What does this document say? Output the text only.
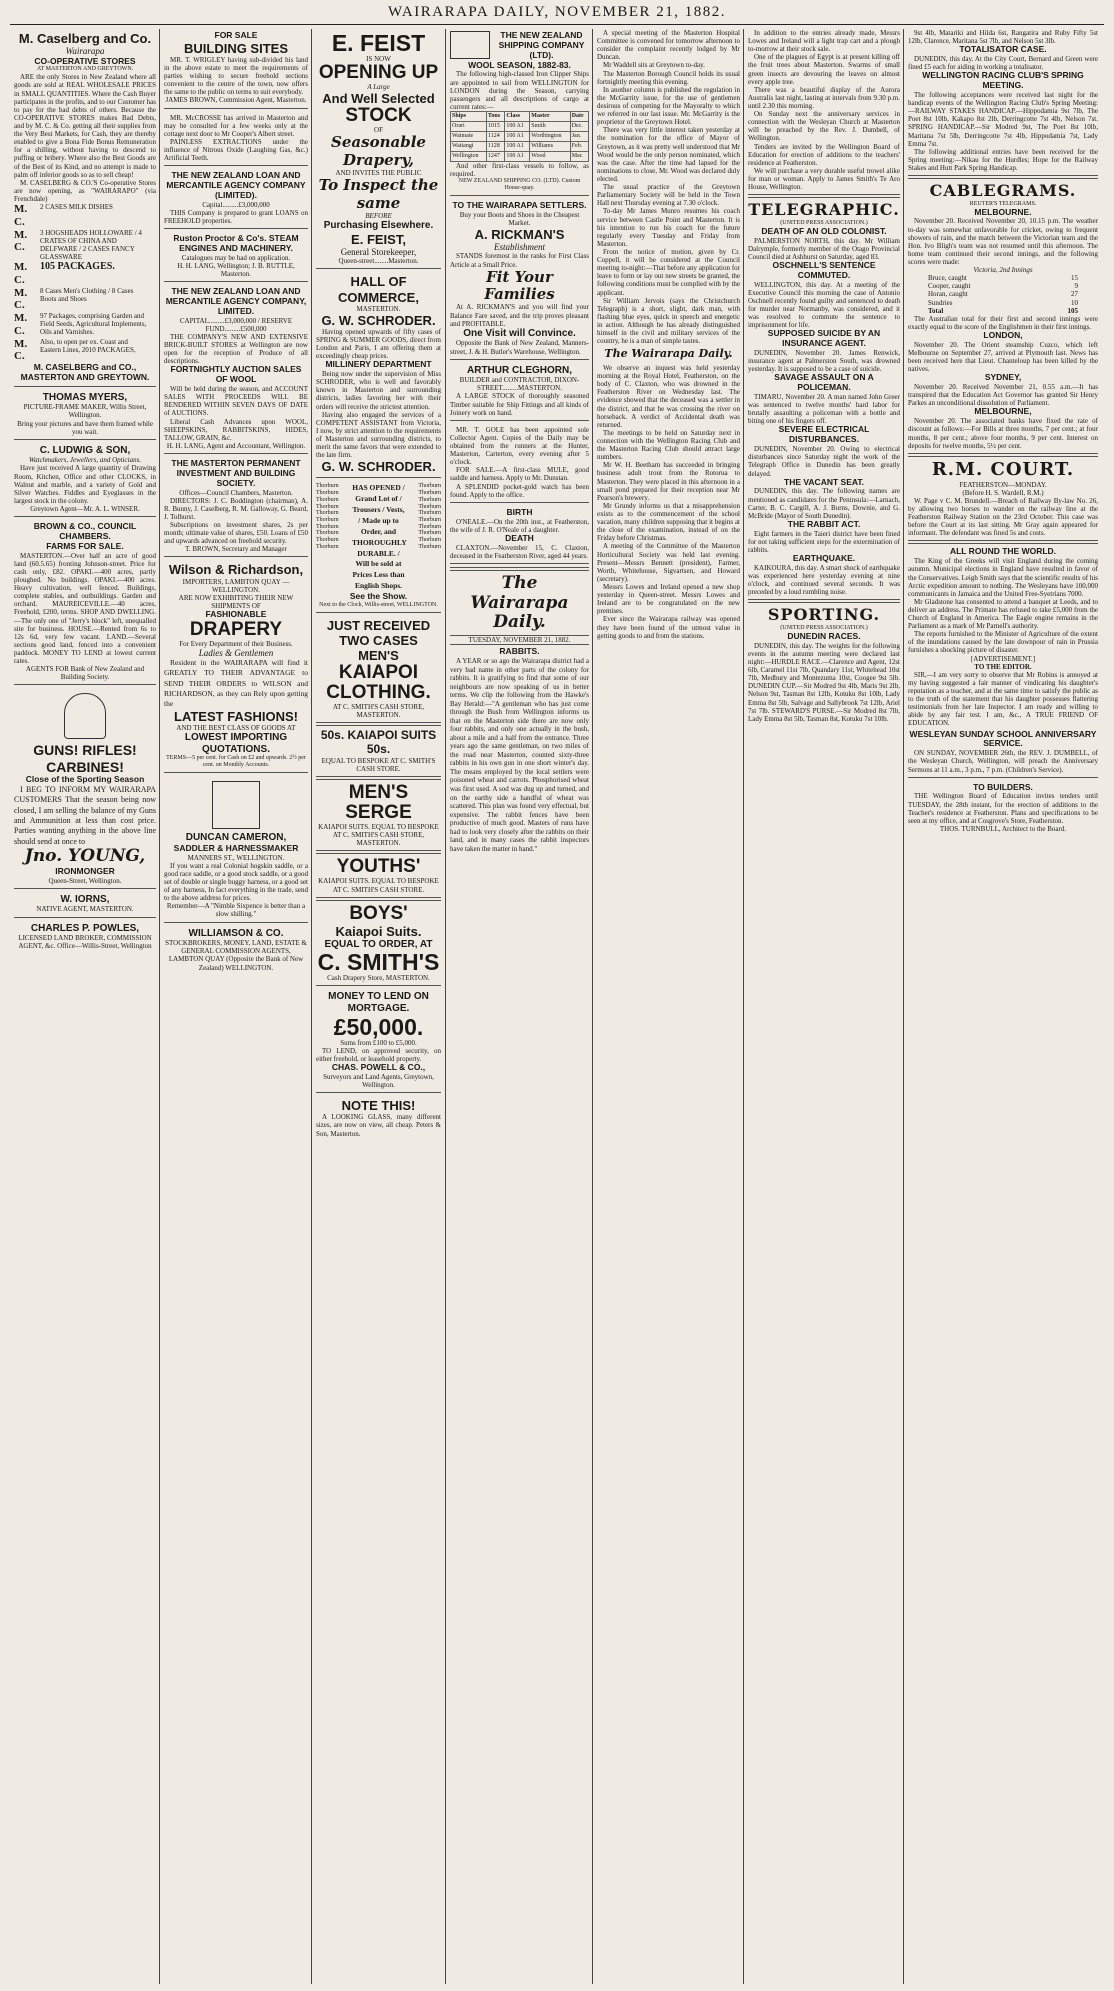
WAIRARAPA DAILY, NOVEMBER 21, 1882.
M. Caselberg and Co.
Wairarapa
CO-OPERATIVE STORES
AT MASTERTON AND GREYTOWN.

ARE the only Stores in New Zealand where all goods are sold at REAL WHOLESALE PRICES in SMALL QUANTITIES. Where the Cash Buyer participates in the profits, and to our Customer has to pay for the bad debts of others. Because the CO-OPERATIVE STORES makes Bad Debts, and by M. C. & Co. getting all their supplies from the Very Best Markets, for Cash, they are thereby enabled to give a Bona Fide Bonus Remuneration for a shilling, without having to descend to puffing or bribery. Where also the Best Goods are of the Best of its Kind, and no attempt is made to palm off inferior goods so as to sell cheap!

M. CASELBERG & CO.'S Co-operative Stores are now opening, as "WAIRARAPO" (via Frenchdale)

M. C.2 CASES MILK DISHES
M. C.3 HOGSHEADS HOLLOWARE / 4 CRATES OF CHINA AND DELFWARE / 2 CASES FANCY GLASSWARE
M. C.105 PACKAGES.
M. C.8 Cases Men's Clothing / 8 Cases Boots and Shoes
M. C.97 Packages, comprising Garden and Field Seeds, Agricultural Implements, Oils and Varnishes.
M. C.Also, to open per ex. Coast and Eastern Lines, 2010 PACKAGES,
M. CASELBERG and CO., MASTERTON AND GREYTOWN.
THOMAS MYERS,
PICTURE-FRAME MAKER, Willis Street, Wellington.
Bring your pictures and have them framed while you wait.
C. LUDWIG & SON,
Watchmakers, Jewellers, and Opticians.

Have just received A large quantity of Drawing Room, Kitchen, Office and other CLOCKS, in Walnut and marble, and a variety of Gold and Silver Watches. Fiddles and Eyeglasses in the largest stock in the colony.

Greytown Agent—Mr. A. L. WINSER.
BROWN & CO., COUNCIL CHAMBERS.
FARMS FOR SALE.

MASTERTON.—Over half an acre of good land (60.5.65) fronting Johnson-street. Price for cash only, £82. OPAKI.—400 acres, partly ploughed. No buildings. OPAKI.—400 acres. Heavy cultivation, well fenced. Buildings, complete stables, and outbuildings. Garden and orchard. MAUREICEVILLE.—40 acres, Freehold, £200, terms. SHOP AND DWELLING.—The only one of "Jerry's block" left, unequalled site for business. HOUSE.—Rented from 6s to 12s 6d, very few vacant. LAND.—Several sections good land, fenced into a convenient paddock. MONEY TO LEND at lowest current rates.

AGENTS FOR Bank of New Zealand and Building Society.
GUNS! RIFLES! CARBINES!
Close of the Sporting Season

I BEG TO INFORM MY WAIRARAPA CUSTOMERS That the season being now closed, I am selling the balance of my Guns and Ammunition at less than cost price. Parties wanting anything in the above line should send at once to

Jno. YOUNG,
IRONMONGER
Queen-Street, Wellington.
W. IORNS,
NATIVE AGENT, MASTERTON.
CHARLES P. POWLES,
LICENSED LAND BROKER, COMMISSION AGENT, &c. Office—Willis-Street, Wellington
FOR SALE
BUILDING SITES

MR. T. WRIGLEY having sub-divided his land in the above estate to meet the requirements of parties wishing to secure freehold sections convenient to the centre of the town, now offers the same to the public on terms to suit everybody.

JAMES BROWN, Commission Agent, Masterton.

MR. McCROSSE has arrived in Masterton and may be consulted for a few weeks only at the cottage next door to Mr Cooper's Albert street.

PAINLESS EXTRACTIONS under the influence of Nitrous Oxide (Laughing Gas, &c.) Artificial Teeth.

THE NEW ZEALAND LOAN AND MERCANTILE AGENCY COMPANY (LIMITED).
Capital.........£3,000,000

THIS Company is prepared to grant LOANS on FREEHOLD properties.

Ruston Proctor & Co's. STEAM ENGINES AND MACHINERY.
Catalogues may be had on application.
H. H. LANG, Wellington; J. B. RUTTLE, Masterton.
THE NEW ZEALAND LOAN AND MERCANTILE AGENCY COMPANY, LIMITED.
CAPITAL.........£3,000,000 / RESERVE FUND.........£500,000

THE COMPANY'S NEW AND EXTENSIVE BRICK-BUILT STORES at Wellington are now open for the reception of Produce of all descriptions.

FORTNIGHTLY AUCTION SALES OF WOOL

Will be held during the season, and ACCOUNT SALES WITH PROCEEDS WILL BE RENDERED WITHIN SEVEN DAYS OF DATE of AUCTIONS.

Liberal Cash Advances upon WOOL, SHEEPSKINS, RABBITSKINS, HIDES, TALLOW, GRAIN, &c.

H. H. LANG, Agent and Accountant, Wellington.
THE MASTERTON PERMANENT INVESTMENT AND BUILDING SOCIETY.
Offices—Council Chambers, Masterton.

DIRECTORS: J. C. Boddington (chairman), A. R. Bunny, J. Caselberg, R. M. Galloway, G. Beard, J. Tolhurst.

Subscriptions on investment shares, 2s per month; ultimate value of shares, £50. Loans of £50 and upwards advanced on freehold security.

T. BROWN, Secretary and Manager
Wilson & Richardson,
IMPORTERS, LAMBTON QUAY — WELLINGTON.
ARE NOW EXHIBITING THEIR NEW SHIPMENTS OF
FASHIONABLE
DRAPERY
For Every Department of their Business.
Ladies & Gentlemen

Resident in the WAIRARAPA will find it GREATLY TO THEIR ADVANTAGE to SEND THEIR ORDERS to WILSON and RICHARDSON, as they can Rely upon getting the

LATEST FASHIONS!
AND THE BEST CLASS OF GOODS AT
LOWEST IMPORTING QUOTATIONS.
TERMS—5 per cent. for Cash on £2 and upwards. 2½ per cent. on Monthly Accounts.
DUNCAN CAMERON,
SADDLER & HARNESSMAKER
MANNERS ST., WELLINGTON.

If you want a real Colonial hogskin saddle, or a good race saddle, or a good stock saddle, or a good set of double or single buggy harness, or a good set of any harness, In fact everything in the trade, send to the above address for prices.

Remember—A "Nimble Sixpence is better than a slow shilling."
WILLIAMSON & CO.
STOCKBROKERS, MONEY, LAND, ESTATE & GENERAL COMMISSION AGENTS, LAMBTON QUAY (Opposite the Bank of New Zealand) WELLINGTON.
E. FEIST
IS NOW
OPENING UP
A Large
And Well Selected
STOCK
OF
Seasonable Drapery,
AND INVITES THE PUBLIC
To Inspect the same
BEFORE
Purchasing Elsewhere.
E. FEIST,
General Storekeeper,
Queen-street........Masterton.
HALL OF COMMERCE,
MASTERTON.
G. W. SCHRODER.

Having opened upwards of fifty cases of SPRING & SUMMER GOODS, direct from London and Paris, I am offering them at exceedingly cheap prices.

MILLINERY DEPARTMENT

Being now under the supervision of Miss SCHRODER, who is well and favorably known in Masterton and surrounding districts, ladies favoring her with their orders will receive the strictest attention.

Having also engaged the services of a COMPETENT ASSISTANT from Victoria, I now, by strict attention to the requirements of Masterton and surrounding districts, to merit the same favors that were extended to the late firm.

G. W. SCHRODER.
Thorburn
Thorburn
Thorburn
Thorburn
Thorburn
Thorburn
Thorburn
Thorburn
Thorburn
Thorburn
Thorburn
Thorburn
Thorburn
Thorburn
Thorburn
Thorburn
Thorburn
Thorburn
Thorburn
Thorburn
HAS OPENED / Grand Lot of / Trousers / Vests, / Made up to Order, and THOROUGHLY DURABLE. / Will be sold at Prices Less than English Shops.
See the Show.
Next to the Clock, Willis-street, WELLINGTON.
JUST RECEIVED
TWO CASES
MEN'S
KAIAPOI CLOTHING.
AT C. SMITH'S CASH STORE, MASTERTON.
50s. KAIAPOI SUITS 50s.
EQUAL TO BESPOKE AT C. SMITH'S CASH STORE.
MEN'S SERGE
KAIAPOI SUITS. EQUAL TO BESPOKE AT C. SMITH'S CASH STORE, MASTERTON.
YOUTHS'
KAIAPOI SUITS. EQUAL TO BESPOKE AT C. SMITH'S CASH STORE.
BOYS'
Kaiapoi Suits.
EQUAL TO ORDER, AT
C. SMITH'S
Cash Drapery Store, MASTERTON.
MONEY TO LEND ON MORTGAGE.
£50,000.
Sums from £100 to £5,000.

TO LEND, on approved security, on either freehold, or leasehold property.

CHAS. POWELL & CO.,
Surveyors and Land Agents, Greytown, Wellington.
NOTE THIS!

A LOOKING GLASS, many different sizes, are now on view, all cheap. Peters & Son, Masterton.

THE NEW ZEALAND SHIPPING COMPANY (LTD).
WOOL SEASON, 1882-83.

The following high-classed Iron Clipper Ships are appointed to sail from WELLINGTON for LONDON during the Season, carrying passengers and all descriptions of cargo at current rates:—

Ships	Tons	Class	Master	Date
Orari	1015	100 A1	Smith	Dec.
Waimate	1124	100 A1	Worthington	Jan.
Waitangi	1128	100 A1	Williams	Feb.
Wellington	1247	100 A1	Wood	Mar.

And other first-class vessels to follow, as required.

NEW ZEALAND SHIPPING CO. (LTD). Custom House-quay.
TO THE WAIRARAPA SETTLERS.
Buy your Boots and Shoes in the Cheapest Market.
A. RICKMAN'S
Establishment

STANDS foremost in the ranks for First Class Article at a Small Price.

Fit Your Families

At A. RICKMAN'S and you will find your Balance Fare saved, and the trip proves pleasant and PROFITABLE.

One Visit will Convince.

Opposite the Bank of New Zealand, Manners-street, J. & H. Butler's Warehouse, Wellington.

ARTHUR CLEGHORN,
BUILDER and CONTRACTOR, DIXON-STREET.........MASTERTON.

A LARGE STOCK of thoroughly seasoned Timber suitable for Ship Fittings and all kinds of Joinery work on hand.

MR. T. GOLE has been appointed sole Collector Agent. Copies of the Daily may be obtained from the runners at the Hunter, Masterton, Carterton, every evening after 5 o'clock.

FOR SALE.—A first-class MULE, good saddle and harness. Apply to Mr. Dunstan.

A SPLENDID pocket-gold watch has been found. Apply to the office.

BIRTH

O'NEALE.—On the 20th inst., at Featherston, the wife of J. R. O'Neale of a daughter.

DEATH

CLAXTON.—November 15, C. Claxton, deceased in the Featherston River, aged 44 years.

The Wairarapa Daily.
TUESDAY, NOVEMBER 21, 1882.
RABBITS.

A YEAR or so ago the Wairarapa district had a very bad name in other parts of the colony for rabbits. It is gratifying to find that some of our neighbours are now speaking of us in better terms. We clip the following from the Hawke's Bay Herald:—"A gentleman who has just come through the Bush from Wellington informs us that on the Masterton side there are now only four rabbits, and only one actually in the bush, about a mile and a half from the entrance. Three years ago the same gentleman, on two miles of the road near Masterton, counted sixty-three rabbits in his own gun in one short winter's day. The means employed by the local settlers were poisoned wheat and carrots. Phosphorised wheat was first used. A sod was dug up and turned, and on the earthy side a handful of wheat was scattered. This plan was found very effectual, but expensive. The rabbit fences have been productive of much good. Masters of runs have had to look very closely after the rabbits on their land, and in many cases the rabbit inspectors have taken the matter in hand."

A special meeting of the Masterton Hospital Committee is convened for tomorrow afternoon to consider the complaint recently lodged by Mr Duncan.

Mr Waddell sits at Greytown to-day.

The Masterton Borough Council holds its usual fortnightly meeting this evening.

In another column is published the regulation in the McGarrity issue, for the use of gentlemen desirous of competing for the Mayoralty to which we referred in our last issue. Mr. McGarrity is the proprietor of the Greytown Hotel.

There was very little interest taken yesterday at the nomination for the office of Mayor of Greytown, as it was pretty well understood that Mr Wood would be the only person nominated, which was the case. After the time had lapsed for the nominations to close, Mr. Wood was declared duly elected.

The usual practice of the Greytown Parliamentary Society will be held in the Town Hall next Thursday evening at 7.30 o'clock.

To-day Mr James Munro resumes his coach service between Castle Point and Masterton. It is his intention to run his coach for the future regularly every Tuesday and Friday from Masterton.

From the notice of motion, given by Cr. Coppell, it will be considered at the Council meeting to-night:—That before any application for leave to form or lay out new streets be granted, the following conditions must be complied with by the applicant.

Sir William Jervois (says the Christchurch Telegraph) is a short, slight, dark man, with flashing blue eyes, quick in speech and energetic in action. Although he has already distinguished himself in the civil and military services of the country, he is a man of simple tastes.

The Wairarapa Daily.

We observe an inquest was held yesterday morning at the Royal Hotel, Featherston, on the body of C. Claxton, who was drowned in the Featherston River on Wednesday last. The evidence showed that the deceased was a settler in the district, and that he was crossing the river on horseback. A verdict of Accidental death was returned.

The meetings to be held on Saturday next in connection with the Wellington Racing Club and the Masterton Racing Club should attract large numbers.

Mr W. H. Beetham has succeeded in bringing business adult trout from the Rotorua to Masterton. They were placed in this afternoon in a small pond prepared for their reception near Mr Pearson's brewery.

Mr Grundy informs us that a misapprehension exists as to the commencement of the school vacation, many children supposing that it begins at the close of the examination, instead of on the Friday before Christmas.

A meeting of the Committee of the Masterton Horticultural Society was held last evening. Present—Messrs Bennett (president), Farmer, Worth, Whitehouse, Sigvartsen, and Howard (secretary).

Messrs Lowes and Ireland opened a new shop yesterday in Queen-street. Messrs Lowes and Ireland are to be congratulated on the new premises.

Ever since the Wairarapa railway was opened they have been found of the utmost value in getting goods to and from the stations.

In addition to the entries already made, Messrs Lowes and Ireland will a light trap cart and a plough to-morrow at their stock sale.

One of the plagues of Egypt is at present killing off the fruit trees about Masterton. Swarms of small green insects are devouring the leaves on almost every apple tree.

There was a beautiful display of the Aurora Australis last night, lasting at intervals from 9.30 p.m. until 2.30 this morning.

On Sunday next the anniversary services in connection with the Wesleyan Church at Masterton will be preached by the Rev. J. Dumbell, of Wellington.

Tenders are invited by the Wellington Board of Education for erection of additions to the teachers' residence at Featherston.

We will purchase a very durable useful trowel alike for man or woman. Apply to James Smith's Te Aro House, Wellington.

TELEGRAPHIC.
(UNITED PRESS ASSOCIATION.)
DEATH OF AN OLD COLONIST.

PALMERSTON NORTH, this day. Mr William Dalrymple, formerly member of the Otago Provincial Council died at Ashhurst on Saturday, aged 83.

OSCHNELL'S SENTENCE COMMUTED.

WELLINGTON, this day. At a meeting of the Executive Council this morning the case of Antonio Oschnell recently found guilty and sentenced to death for murder near Normanby, was considered, and it was resolved to commute the sentence to imprisonment for life.

SUPPOSED SUICIDE BY AN INSURANCE AGENT.

DUNEDIN, November 20. James Renwick, insurance agent at Palmerston South, was drowned yesterday. It is supposed to be a case of suicide.

SAVAGE ASSAULT ON A POLICEMAN.

TIMARU, November 20. A man named John Greer was sentenced to twelve months' hard labor for brutally assaulting a policeman with a bottle and biting one of his fingers off.

SEVERE ELECTRICAL DISTURBANCES.

DUNEDIN, November 20. Owing to electrical disturbances since Saturday night the work of the Telegraph Office in Dunedin has been greatly delayed.

THE VACANT SEAT.

DUNEDIN, this day. The following names are mentioned as candidates for the Peninsula:—Larnach, Carter, B. C. Cargill, A. J. Burns, Downie, and G. McBride (Mayor of South Dunedin).

THE RABBIT ACT.

Eight farmers in the Taieri district have been fined for not taking sufficient steps for the extermination of rabbits.

EARTHQUAKE.

KAIKOURA, this day. A smart shock of earthquake was experienced here yesterday evening at nine o'clock, and continued several seconds. It was preceded by a loud rumbling noise.

SPORTING.
(UNITED PRESS ASSOCIATION.)
DUNEDIN RACES.

DUNEDIN, this day. The weights for the following events in the autumn meeting were declared last night:—HURDLE RACE.—Clarence and Agent, 12st 6lb, Caramel 11st 7lb, Quandary 11st, Whitehead 10st 7lb, Medbury and Montezuma 10st, Coogee 9st 5lb. DUNEDIN CUP.—Sir Modred 9st 4lb, Maris 9st 2lb, Nelson 9st, Tasman 8st 12lb, Kotuku 8st 10lb, Lady Emma 8st 5lb, Salvage and Sallybrook 7st 12lb, Ariel 7st 7lb. STEWARD'S PURSE.—Sir Modred 8st 7lb, Lady Emma 8st 5lb, Tasman 8st, Kotuku 7st 10lb.

9st 4lb, Matariki and Hilda 6st, Rangatira and Ruby Fifty 5st 12lb, Clarence, Maritana 5st 7lb, and Nelson 5st 3lb.

TOTALISATOR CASE.

DUNEDIN, this day. At the City Court, Bernard and Green were fined £5 each for aiding in working a totalisator.

WELLINGTON RACING CLUB'S SPRING MEETING.

The following acceptances were received last night for the handicap events of the Wellington Racing Club's Spring Meeting:—RAILWAY STAKES HANDICAP.—Hippodamia 9st 7lb, The Poet 8st 10lb, Kakapo 8st 2lb, Derringcotte 7st 4lb, Nelson 7st. SPRING HANDICAP.—Sir Modred 9st, The Poet 8st 10lb, Maritana 7st 5lb, Derringcotte 7st 4lb, Hippodamia 7st, Lady Emma 7st.

The following additional entries have been received for the Spring meeting:—Nikau for the Hurdles; Hope for the Railway Stakes and Hutt Park Spring Handicap.

CABLEGRAMS.
REUTER'S TELEGRAMS.
MELBOURNE.

November 20. Received November 20, 10.15 p.m. The weather to-day was somewhat unfavorable for cricket, owing to frequent showers of rain, and the match between the Victorian team and the Hon. Ivo Bligh's team was not resumed until this afternoon. The home team continued their second innings, and the following scores were made:

Victoria, 2nd Innings
Bruce, caught	15
Cooper, caught	9
Horan, caught	27
Sundries	10
Total	105

The Australian total for their first and second innings were exactly equal to the score of the Englishmen in their first innings.

LONDON,

November 20. The Orient steamship Cuzco, which left Melbourne on September 27, arrived at Plymouth last. News has been received here that Lieut. Chanteloup has been killed by the natives.

SYDNEY,

November 20. Received November 21, 0.55 a.m.—It has transpired that the Education Act Governor has granted Sir Henry Parkes an unconditional dissolution of Parliament.

MELBOURNE,

November 20. The associated banks have fixed the rate of discount as follows:—For Bills at three months, 7 per cent.; at four months, 8 per cent.; above four months, 9 per cent. Interest on deposits for twelve months, 5½ per cent.

R.M. COURT.
FEATHERSTON—MONDAY.
(Before H. S. Wardell, R.M.)

W. Page v C. M. Brundell.—Breach of Railway By-law No. 26, by allowing two horses to wander on the railway line at the Featherston Railway Station on the 23rd October. This case was before the Court at its last sitting. Mr Gray again appeared for informant. The defendant was fined 5s and costs.

ALL ROUND THE WORLD.

The King of the Greeks will visit England during the coming autumn. Municipal elections in England have resulted in favor of the Conservatives. Leigh Smith says that the scientific results of his Arctic expedition amount to nothing. The Wesleyans have 100,000 communicants in Jamaica and the United Free-Syetrians 7000.

Mr Gladstone has consented to attend a banquet at Leeds, and to deliver an address. The Primate has refused to take £5,000 from the Church of England in America. The Eagle engine remains in the Parliament as a mark of Mr Parnell's authority.

The reports furnished to the Minister of Agriculture of the extent of the inundations caused by the late downpour of rain in Prussia furnishes a shocking picture of disaster.

[ADVERTISEMENT.]
TO THE EDITOR.

SIR,—I am very sorry to observe that Mr Robins is annoyed at my having suggested a fair manner of vindicating his daughter's reputation as a teacher, and at the same time to satisfy the public as to the truth of the statement that his daughter possesses flattering testimonials from her late Inspector. I am ready and willing to abide by any fair test. I am, &c., A TRUE FRIEND OF EDUCATION.

WESLEYAN SUNDAY SCHOOL ANNIVERSARY SERVICE.

ON SUNDAY, NOVEMBER 26th, the REV. J. DUMBELL, of the Wesleyan Church, Wellington, will preach the Anniversary Sermons at 11 a.m., 3 p.m., 7 p.m. (Children's Service).

TO BUILDERS.

THE Wellington Board of Education invites tenders until TUESDAY, the 28th instant, for the erection of additions to the Teacher's residence at Featherston. Plans and specifications to be seen at my office, and at Cosgrove's Store, Featherston.

THOS. TURNBULL, Architect to the Board.
